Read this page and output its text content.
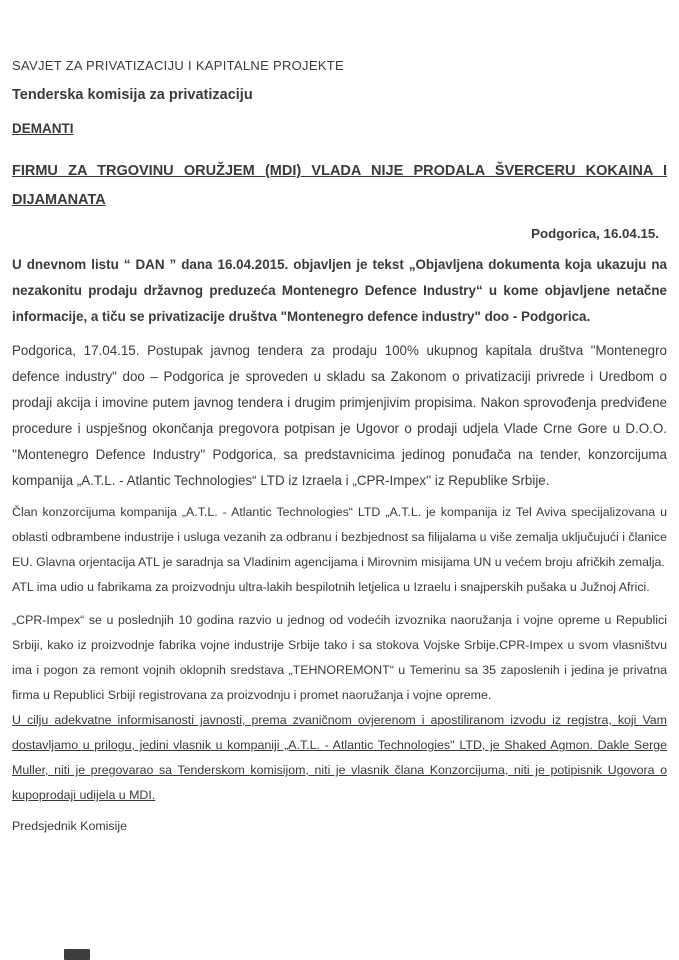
SAVJET ZA PRIVATIZACIJU I KAPITALNE PROJEKTE

Tenderska komisija za privatizaciju

DEMANTI

FIRMU ZA TRGOVINU ORUŽJEM (MDI) VLADA NIJE PRODALA ŠVERCERU KOKAINA I DIJAMANATA

Podgorica, 16.04.15.

U dnevnom listu “ DAN ” dana 16.04.2015. objavljen je tekst „Objavljena dokumenta koja ukazuju na nezakonitu prodaju državnog preduzeća Montenegro Defence Industry“ u kome objavljene netačne informacije, a tiču se privatizacije društva "Montenegro defence industry" doo - Podgorica.

Podgorica, 17.04.15. Postupak javnog tendera za prodaju 100% ukupnog kapitala društva "Montenegro defence industry" doo – Podgorica je sproveden u skladu sa Zakonom o privatizaciji privrede i Uredbom o prodaji akcija i imovine putem javnog tendera i drugim primjenjivim propisima. Nakon sprovođenja predviđene procedure i uspješnog okončanja pregovora potpisan je Ugovor o prodaji udjela Vlade Crne Gore u D.O.O. ''Montenegro Defence Industry'' Podgorica, sa predstavnicima jedinog ponuđača na tender, konzorcijuma kompanija „A.T.L. - Atlantic Technologies“ LTD iz Izraela i „CPR-Impex'' iz Republike Srbije.

Član konzorcijuma kompanija „A.T.L. - Atlantic Technologies“ LTD „A.T.L. je kompanija iz Tel Aviva specijalizovana u oblasti odbrambene industrije i usluga vezanih za odbranu i bezbjednost sa filijalama u više zemalja uključujući i članice EU. Glavna orjentacija ATL je saradnja sa Vladinim agencijama i Mirovnim misijama UN u većem broju afričkih zemalja.

ATL ima udio u fabrikama za proizvodnju ultra-lakih bespilotnih letjelica u Izraelu i snajperskih pušaka u Južnoj Africi.

„CPR-Impex“ se u poslednjih 10 godina razvio u jednog od vodećih izvoznika naoružanja i vojne opreme u Republici Srbiji, kako iz proizvodnje fabrika vojne industrije Srbije tako i sa stokova Vojske Srbije.CPR-Impex u svom vlasništvu ima i pogon za remont vojnih oklopnih sredstava „TEHNOREMONT“ u Temerinu sa 35 zaposlenih i jedina je privatna firma u Republici Srbiji registrovana za proizvodnju i promet naoružanja i vojne opreme.

U cilju adekvatne informisanosti javnosti, prema zvaničnom ovjerenom i apostiliranom izvodu iz registra, koji Vam dostavljamo u prilogu, jedini vlasnik u kompaniji „A.T.L. - Atlantic Technologies'' LTD, je Shaked Agmon. Dakle Serge Muller, niti je pregovarao sa Tenderskom komisijom, niti je vlasnik člana Konzorcijuma, niti je potipisnik Ugovora o kupoprodaji udijela u MDI.

Predsjednik Komisije
